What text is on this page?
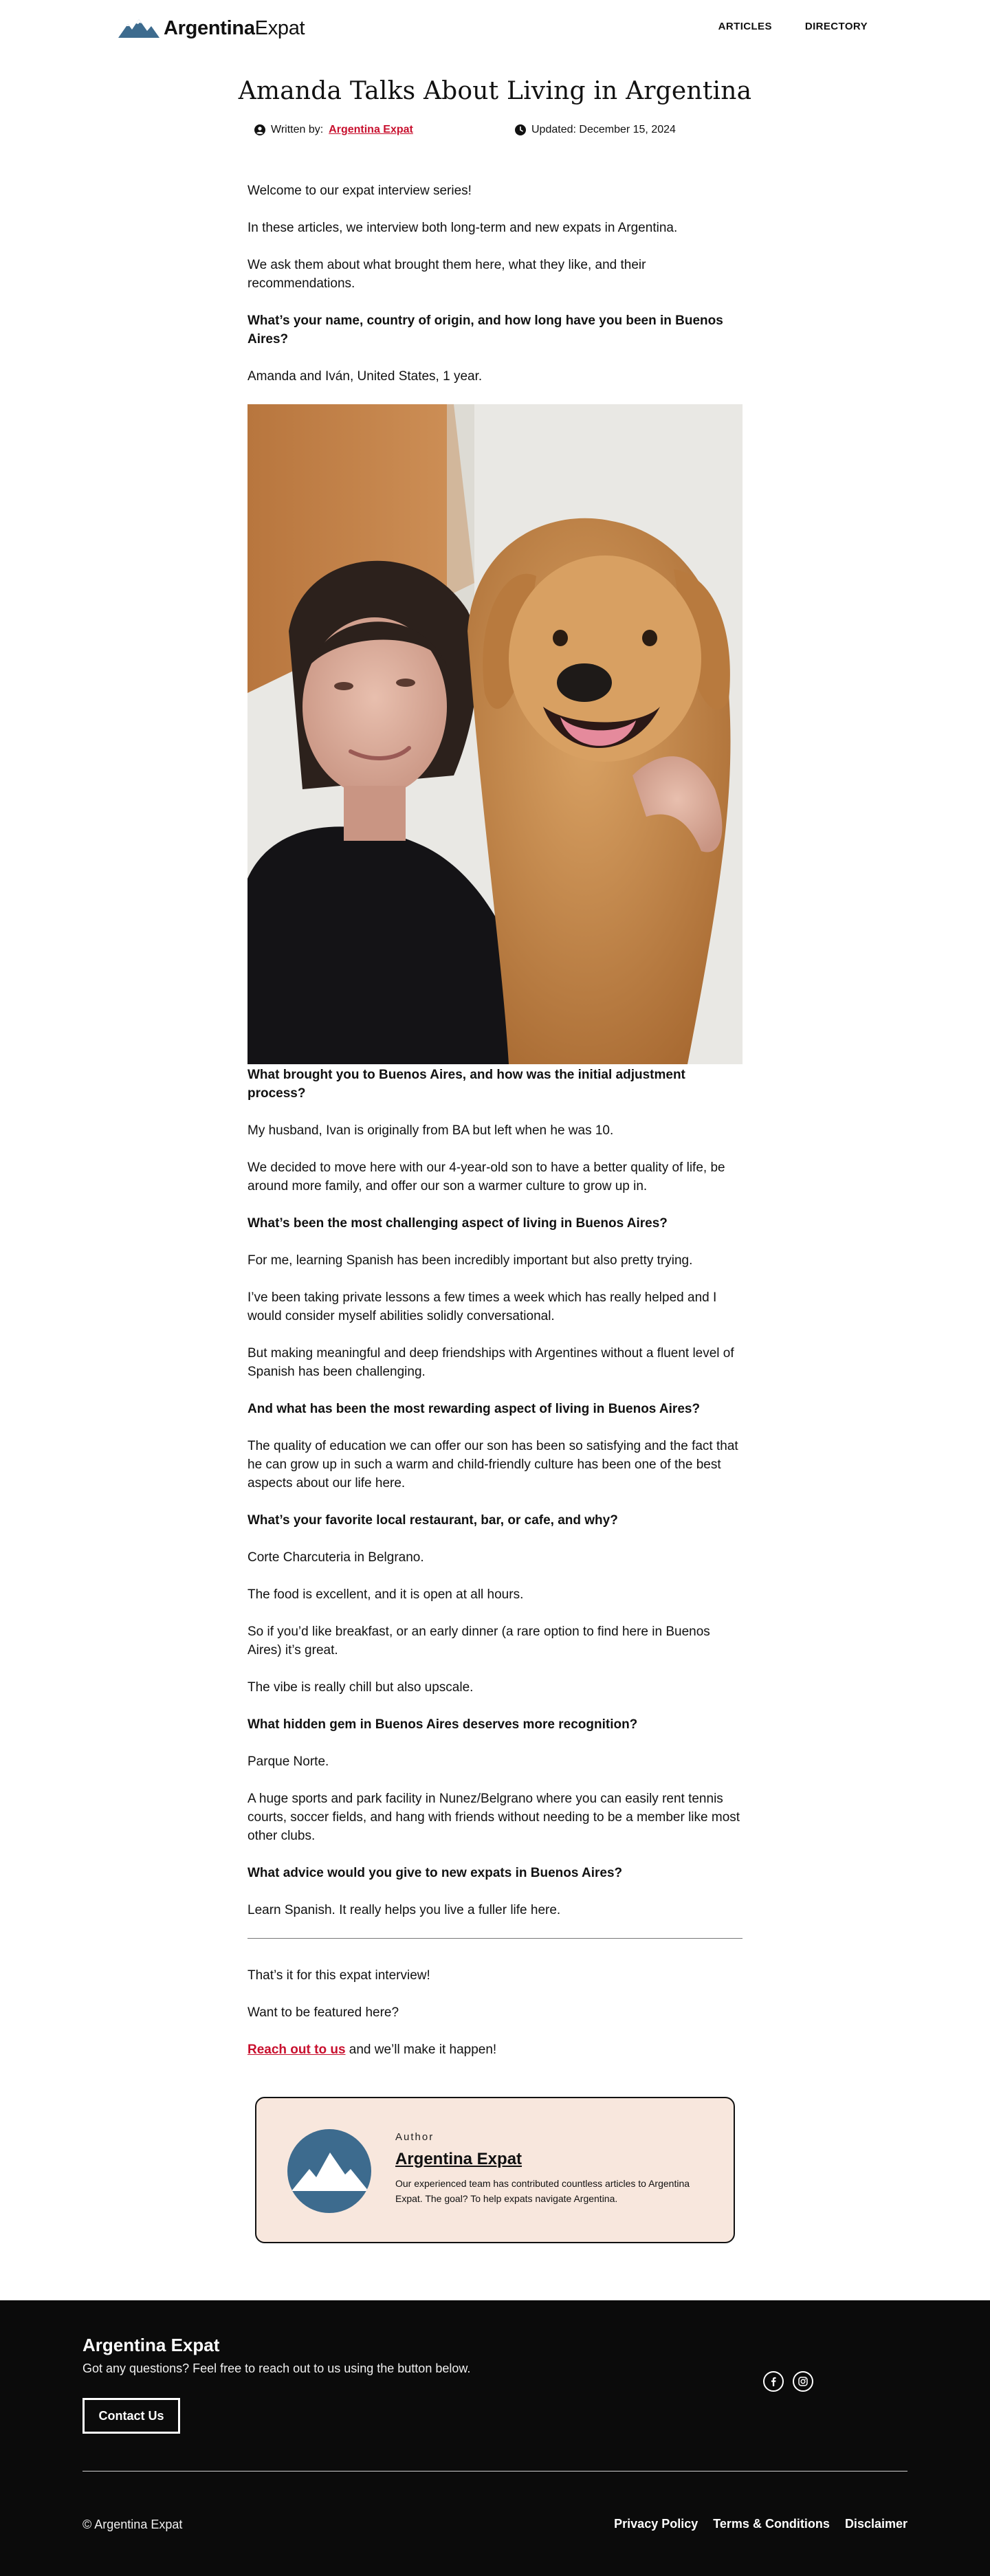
ArgentinaExpat	ARTICLES	DIRECTORY
Amanda Talks About Living in Argentina
Written by: Argentina Expat	Updated: December 15, 2024

Welcome to our expat interview series!

In these articles, we interview both long-term and new expats in Argentina.

We ask them about what brought them here, what they like, and their recommendations.

What’s your name, country of origin, and how long have you been in Buenos Aires?

Amanda and Iván, United States, 1 year.

What brought you to Buenos Aires, and how was the initial adjustment process?

My husband, Ivan is originally from BA but left when he was 10.

We decided to move here with our 4-year-old son to have a better quality of life, be around more family, and offer our son a warmer culture to grow up in.

What’s been the most challenging aspect of living in Buenos Aires?

For me, learning Spanish has been incredibly important but also pretty trying.

I’ve been taking private lessons a few times a week which has really helped and I would consider myself abilities solidly conversational.

But making meaningful and deep friendships with Argentines without a fluent level of Spanish has been challenging.

And what has been the most rewarding aspect of living in Buenos Aires?

The quality of education we can offer our son has been so satisfying and the fact that he can grow up in such a warm and child-friendly culture has been one of the best aspects about our life here.

What’s your favorite local restaurant, bar, or cafe, and why?

Corte Charcuteria in Belgrano.

The food is excellent, and it is open at all hours.

So if you’d like breakfast, or an early dinner (a rare option to find here in Buenos Aires) it’s great.

The vibe is really chill but also upscale.

What hidden gem in Buenos Aires deserves more recognition?

Parque Norte.

A huge sports and park facility in Nunez/Belgrano where you can easily rent tennis courts, soccer fields, and hang with friends without needing to be a member like most other clubs.

What advice would you give to new expats in Buenos Aires?

Learn Spanish. It really helps you live a fuller life here.

That’s it for this expat interview!

Want to be featured here?

Reach out to us and we’ll make it happen!

Author
Argentina Expat

Our experienced team has contributed countless articles to Argentina Expat. The goal? To help expats navigate Argentina.

Argentina Expat
Got any questions? Feel free to reach out to us using the button below.
Contact Us
© Argentina Expat	Privacy Policy Terms & Conditions Disclaimer
